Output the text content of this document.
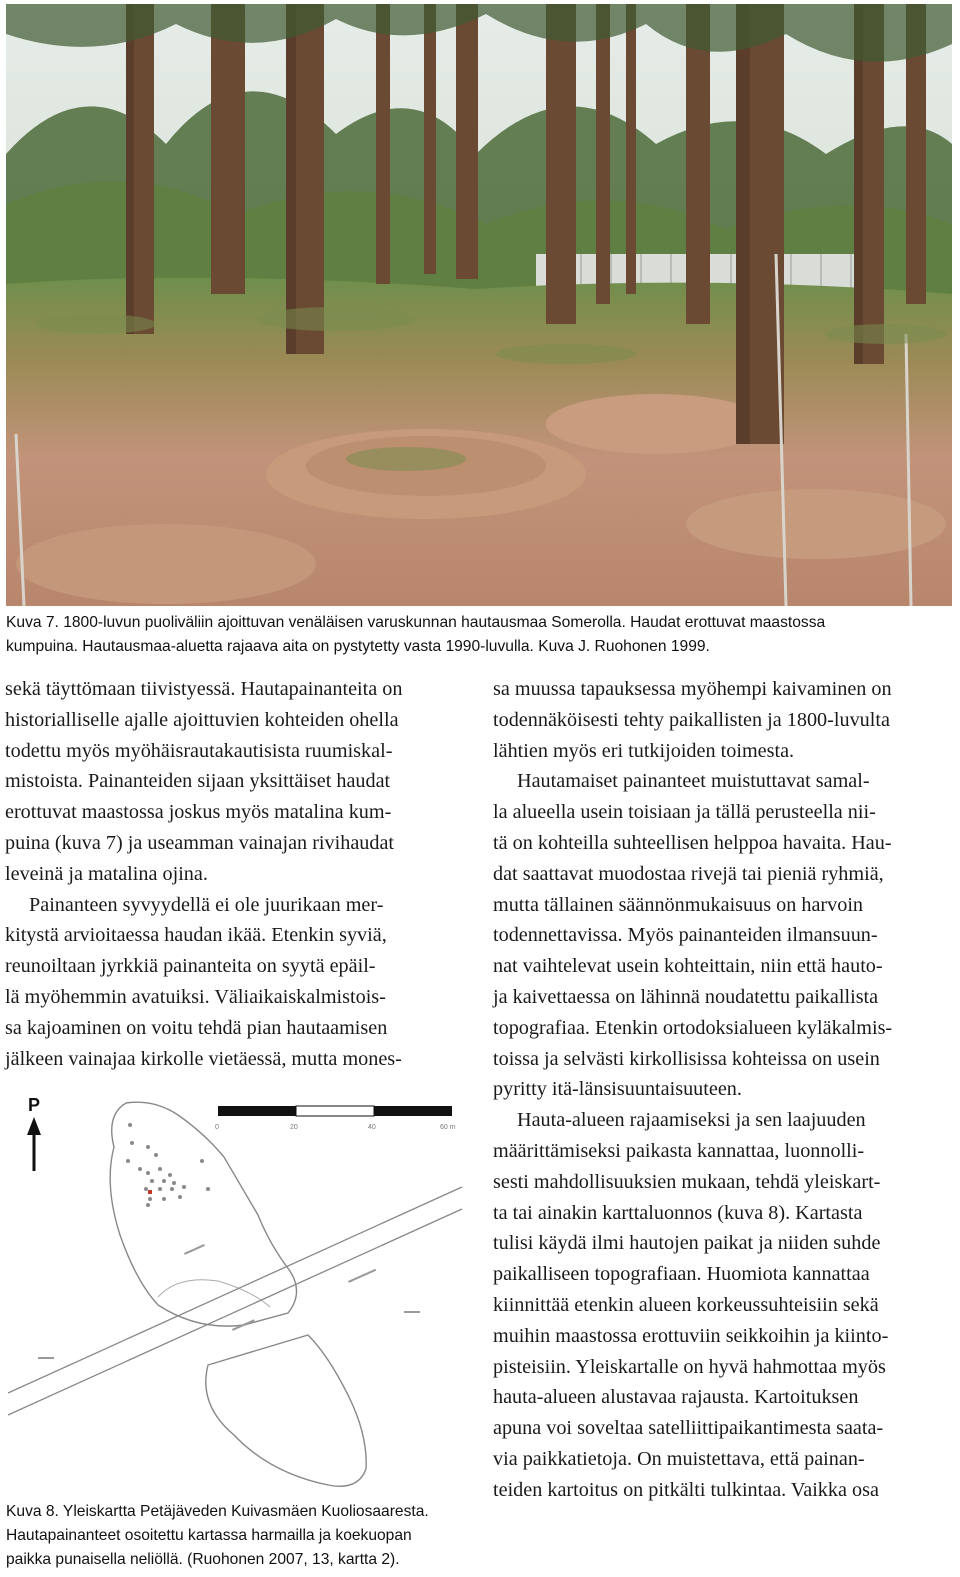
Kuva 7. 1800-luvun puoliväliin ajoittuvan venäläisen varuskunnan hautausmaa Somerolla. Haudat erottuvat maastossa
kumpuina. Hautausmaa-aluetta rajaava aita on pystytetty vasta 1990-luvulla. Kuva J. Ruohonen 1999.
sekä täyttömaan tiivistyessä. Hautapainanteita on
historialliselle ajalle ajoittuvien kohteiden ohella
todettu myös myöhäisrautakautisista ruumiskal-
mistoista. Painanteiden sijaan yksittäiset haudat
erottuvat maastossa joskus myös matalina kum-
puina (kuva 7) ja useamman vainajan rivihaudat
leveinä ja matalina ojina.
Painanteen syvyydellä ei ole juurikaan mer-
kitystä arvioitaessa haudan ikää. Etenkin syviä,
reunoiltaan jyrkkiä painanteita on syytä epäil-
lä myöhemmin avatuiksi. Väliaikaiskalmistois-
sa kajoaminen on voitu tehdä pian hautaamisen
jälkeen vainajaa kirkolle vietäessä, mutta mones-
sa muussa tapauksessa myöhempi kaivaminen on
todennäköisesti tehty paikallisten ja 1800-luvulta
lähtien myös eri tutkijoiden toimesta.
Hautamaiset painanteet muistuttavat samal-
la alueella usein toisiaan ja tällä perusteella nii-
tä on kohteilla suhteellisen helppoa havaita. Hau-
dat saattavat muodostaa rivejä tai pieniä ryhmiä,
mutta tällainen säännönmukaisuus on harvoin
todennettavissa. Myös painanteiden ilmansuun-
nat vaihtelevat usein kohteittain, niin että hauto-
ja kaivettaessa on lähinnä noudatettu paikallista
topografiaa. Etenkin ortodoksialueen kyläkalmis-
toissa ja selvästi kirkollisissa kohteissa on usein
pyritty itä-länsisuuntaisuuteen.
Hauta-alueen rajaamiseksi ja sen laajuuden
määrittämiseksi paikasta kannattaa, luonnolli-
sesti mahdollisuuksien mukaan, tehdä yleiskart-
ta tai ainakin karttaluonnos (kuva 8). Kartasta
tulisi käydä ilmi hautojen paikat ja niiden suhde
paikalliseen topografiaan. Huomiota kannattaa
kiinnittää etenkin alueen korkeussuhteisiin sekä
muihin maastossa erottuviin seikkoihin ja kiinto-
pisteisiin. Yleiskartalle on hyvä hahmottaa myös
hauta-alueen alustavaa rajausta. Kartoituksen
apuna voi soveltaa satelliittipaikantimesta saata-
via paikkatietoja. On muistettava, että painan-
teiden kartoitus on pitkälti tulkintaa. Vaikka osa
P
0	20	40	60 m
​
Kuva 8. Yleiskartta Petäjäveden Kuivasmäen Kuoliosaaresta.
Hautapainanteet osoitettu kartassa harmailla ja koekuopan
paikka punaisella neliöllä. (Ruohonen 2007, 13, kartta 2).
